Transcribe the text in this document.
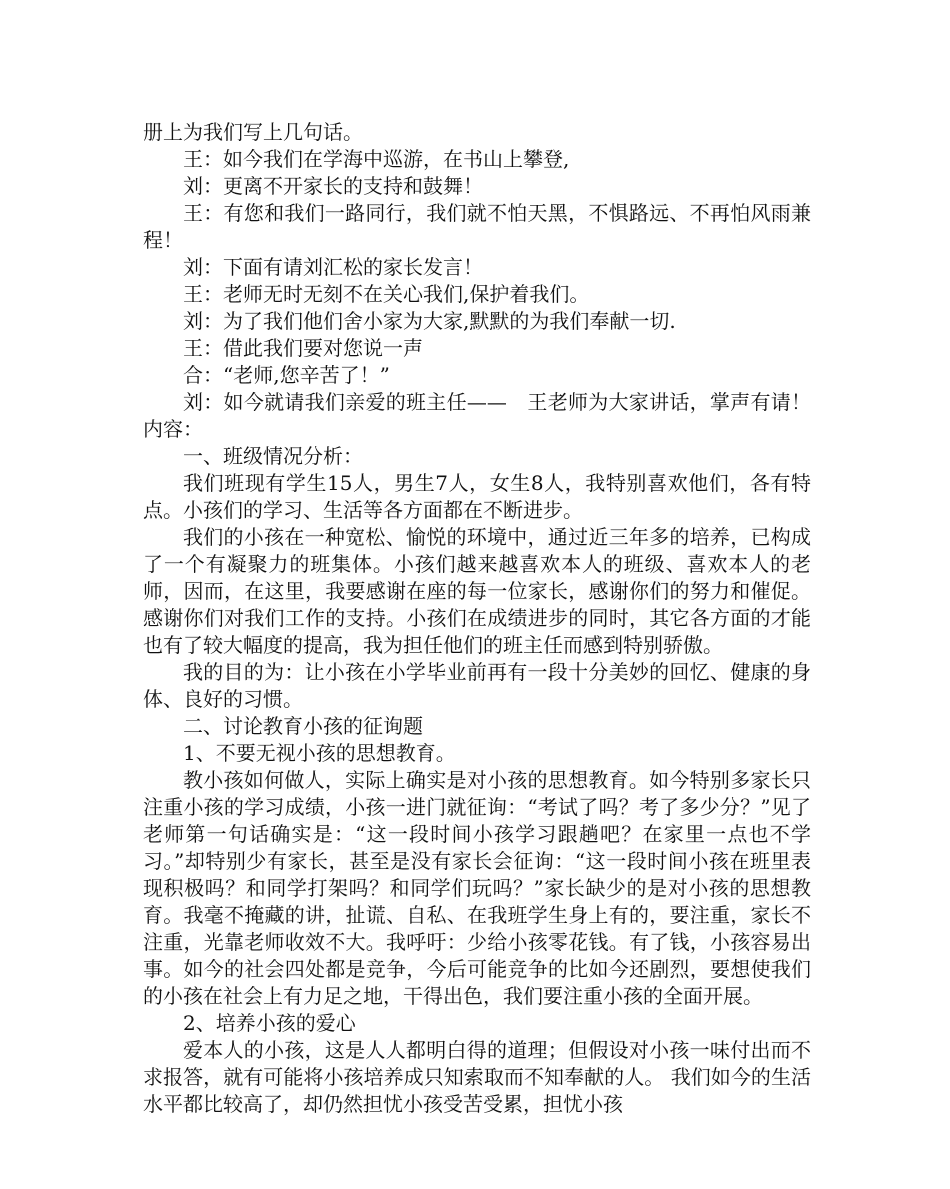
册上为我们写上几句话。

王：如今我们在学海中巡游，在书山上攀登,

刘：更离不开家长的支持和鼓舞！

王：有您和我们一路同行，我们就不怕天黑，不惧路远、不再怕风雨兼程！

刘：下面有请刘汇松的家长发言！

王：老师无时无刻不在关心我们,保护着我们。

刘：为了我们他们舍小家为大家,默默的为我们奉献一切.

王：借此我们要对您说一声

合：“老师,您辛苦了！”

刘：如今就请我们亲爱的班主任——　王老师为大家讲话，掌声有请！　内容：

一、班级情况分析：

我们班现有学生15人，男生7人，女生8人，我特别喜欢他们，各有特点。小孩们的学习、生活等各方面都在不断进步。

我们的小孩在一种宽松、愉悦的环境中，通过近三年多的培养，已构成了一个有凝聚力的班集体。小孩们越来越喜欢本人的班级、喜欢本人的老师，因而，在这里，我要感谢在座的每一位家长，感谢你们的努力和催促。感谢你们对我们工作的支持。小孩们在成绩进步的同时，其它各方面的才能也有了较大幅度的提高，我为担任他们的班主任而感到特别骄傲。

我的目的为：让小孩在小学毕业前再有一段十分美妙的回忆、健康的身体、良好的习惯。

二、讨论教育小孩的征询题

1、不要无视小孩的思想教育。

教小孩如何做人，实际上确实是对小孩的思想教育。如今特别多家长只注重小孩的学习成绩，小孩一进门就征询：“考试了吗？考了多少分？”见了老师第一句话确实是：“这一段时间小孩学习跟趟吧？在家里一点也不学习。”却特别少有家长，甚至是没有家长会征询：“这一段时间小孩在班里表现积极吗？和同学打架吗？和同学们玩吗？”家长缺少的是对小孩的思想教育。我毫不掩藏的讲，扯谎、自私、在我班学生身上有的，要注重，家长不注重，光靠老师收效不大。我呼吁：少给小孩零花钱。有了钱，小孩容易出事。如今的社会四处都是竞争，今后可能竞争的比如今还剧烈，要想使我们的小孩在社会上有力足之地，干得出色，我们要注重小孩的全面开展。

2、培养小孩的爱心

爱本人的小孩，这是人人都明白得的道理；但假设对小孩一味付出而不求报答，就有可能将小孩培养成只知索取而不知奉献的人。 我们如今的生活水平都比较高了，却仍然担忧小孩受苦受累，担忧小孩
